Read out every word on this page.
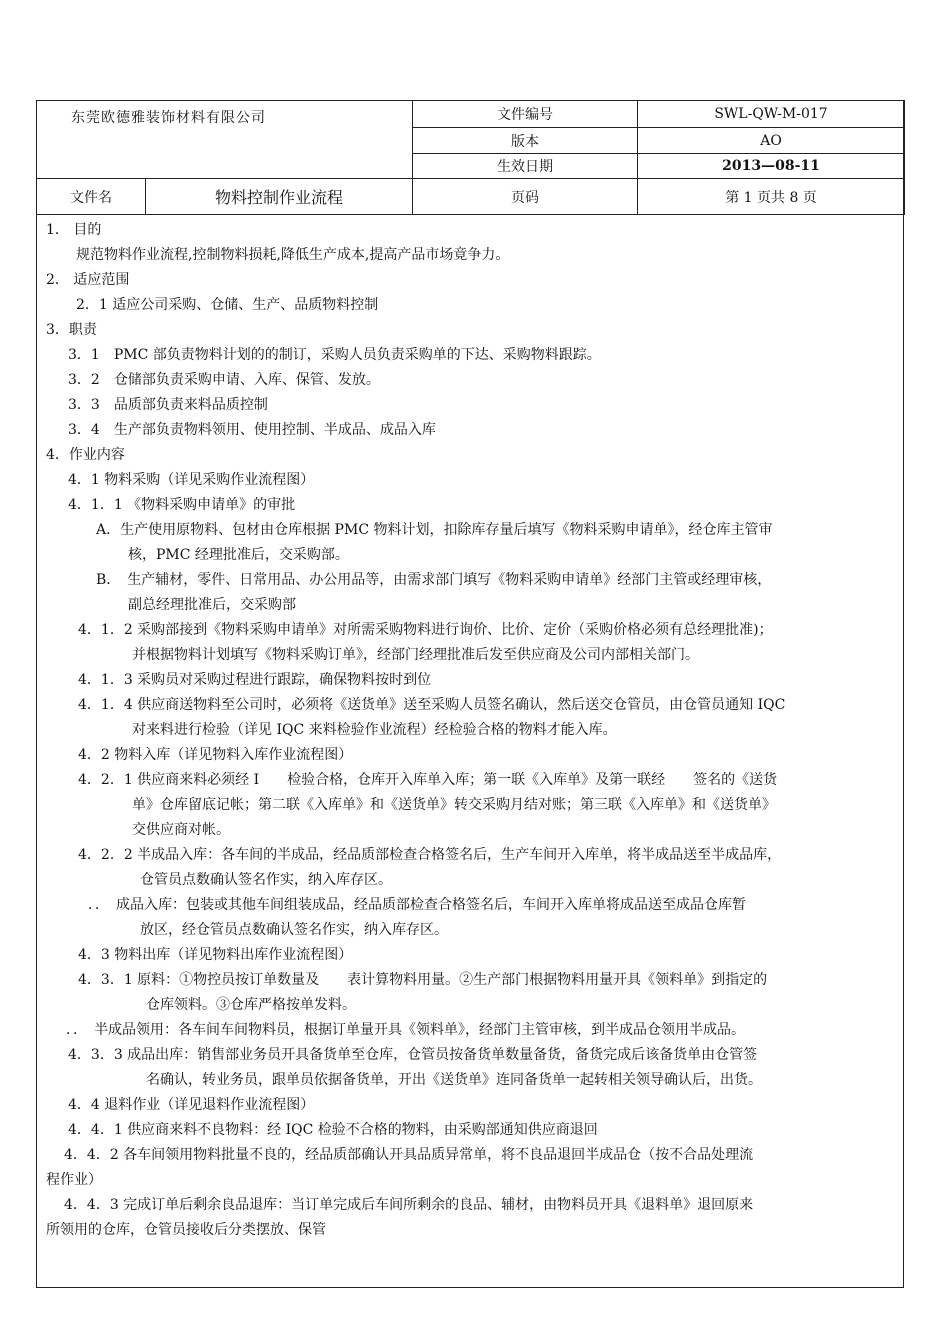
东莞欧德雅装饰材料有限公司		文件编号	SWL-QW-M-017
		版本	AO
		生效日期	2013—08-11
文件名	物料控制作业流程	页码	第 1 页共 8 页
1． 目的
规范物料作业流程,控制物料损耗,降低生产成本,提高产品市场竟争力。
2． 适应范围
2．1 适应公司采购、仓储、生产、品质物料控制
3．职责
3．1　PMC 部负责物料计划的的制订，采购人员负责采购单的下达、采购物料跟踪。
3．2　仓储部负责采购申请、入库、保管、发放。
3．3　品质部负责来料品质控制
3．4　生产部负责物料领用、使用控制、半成品、成品入库
4．作业内容
4．1 物料采购（详见采购作业流程图）
4．1．1 《物料采购申请单》的审批
A．生产使用原物料、包材由仓库根据 PMC 物料计划，扣除库存量后填写《物料采购申请单》，经仓库主管审
核，PMC 经理批准后，交采购部。
B．　生产辅材，零件、日常用品、办公用品等，由需求部门填写《物料采购申请单》经部门主管或经理审核，
副总经理批准后，交采购部
4．1．2 采购部接到《物料采购申请单》对所需采购物料进行询价、比价、定价（采购价格必须有总经理批准)；
并根据物料计划填写《物料采购订单》，经部门经理批准后发至供应商及公司内部相关部门。
4．1．3 采购员对采购过程进行跟踪，确保物料按时到位
4．1．4 供应商送物料至公司时，必须将《送货单》送至采购人员签名确认，然后送交仓管员，由仓管员通知 IQC
对来料进行检验（详见 IQC 来料检验作业流程）经检验合格的物料才能入库。
4．2 物料入库（详见物料入库作业流程图）
4．2．1 供应商来料必须经 I　　检验合格，仓库开入库单入库；第一联《入库单》及第一联经　　签名的《送货
单》仓库留底记帐；第二联《入库单》和《送货单》转交采购月结对账；第三联《入库单》和《送货单》
交供应商对帐。
4．2．2 半成品入库：各车间的半成品，经品质部检查合格签名后，生产车间开入库单，将半成品送至半成品库，
仓管员点数确认签名作实，纳入库存区。
．．　成品入库：包装或其他车间组装成品，经品质部检查合格签名后，车间开入库单将成品送至成品仓库暂
放区，经仓管员点数确认签名作实，纳入库存区。
4．3 物料出库（详见物料出库作业流程图）
4．3．1 原料：①物控员按订单数量及　　表计算物料用量。②生产部门根据物料用量开具《领料单》到指定的
仓库领料。③仓库严格按单发料。
．．　半成品领用：各车间车间物料员，根据订单量开具《领料单》，经部门主管审核，到半成品仓领用半成品。
4．3．3 成品出库：销售部业务员开具备货单至仓库，仓管员按备货单数量备货，备货完成后该备货单由仓管签
名确认，转业务员，跟单员依据备货单，开出《送货单》连同备货单一起转相关领导确认后，出货。
4．4 退料作业（详见退料作业流程图）
4．4．1 供应商来料不良物料：经 IQC 检验不合格的物料，由采购部通知供应商退回
4．4．2 各车间领用物料批量不良的，经品质部确认开具品质异常单，将不良品退回半成品仓（按不合品处理流
程作业）
4．4．3 完成订单后剩余良品退库：当订单完成后车间所剩余的良品、辅材，由物料员开具《退料单》退回原来
所领用的仓库，仓管员接收后分类摆放、保管
